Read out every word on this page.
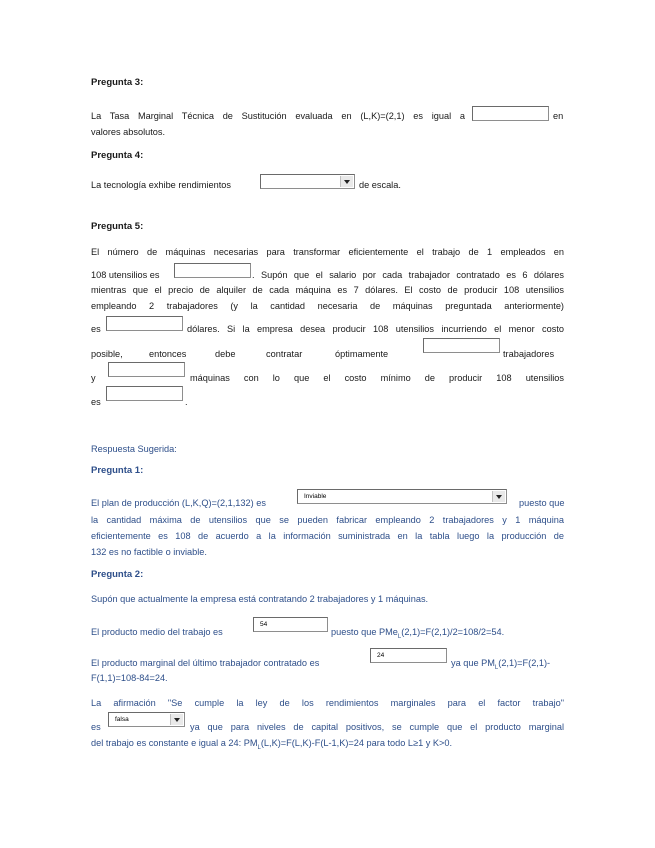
Pregunta 3:
La Tasa Marginal Técnica de Sustitución evaluada en (L,K)=(2,1) es igual a	en
valores absolutos.
Pregunta 4:
La tecnología exhibe rendimientos	de escala.
Pregunta 5:
El número de máquinas necesarias para transformar eficientemente el trabajo de 1 empleados en
108 utensilios es	. Supón que el salario por cada trabajador contratado es 6 dólares
mientras que el precio de alquiler de cada máquina es 7 dólares. El costo de producir 108 utensilios
empleando 2 trabajadores (y la cantidad necesaria de máquinas preguntada anteriormente)
es	dólares. Si la empresa desea producir 108 utensilios incurriendo el menor costo
posible,	entonces	debe	contratar	óptimamente	trabajadores
y	máquinas con lo que el costo mínimo de producir 108 utensilios
es	.
Respuesta Sugerida:
Pregunta 1:
El plan de producción (L,K,Q)=(2,1,132) es
Inviable
puesto que
la cantidad máxima de utensilios que se pueden fabricar empleando 2 trabajadores y 1 máquina
eficientemente es 108 de acuerdo a la información suministrada en la tabla luego la producción de
132 es no factible o inviable.
Pregunta 2:
Supón que actualmente la empresa está contratando 2 trabajadores y 1 máquinas.
El producto medio del trabajo es
54
puesto que PMe$_L$(2,1)=F(2,1)/2=108/2=54.
El producto marginal del último trabajador contratado es
24
ya que $PM_L(2,1)=F(2,1)-$
F(1,1)=108-84=24.
La afirmación "Se cumple la ley de los rendimientos marginales para el factor trabajo"
es
falsa
ya que para niveles de capital positivos, se cumple que el producto marginal
del trabajo es constante e igual a 24: $PM_L(L,K)=F(L,K)-F(L-1,K)=24$ para todo L≥1 y K>0.
